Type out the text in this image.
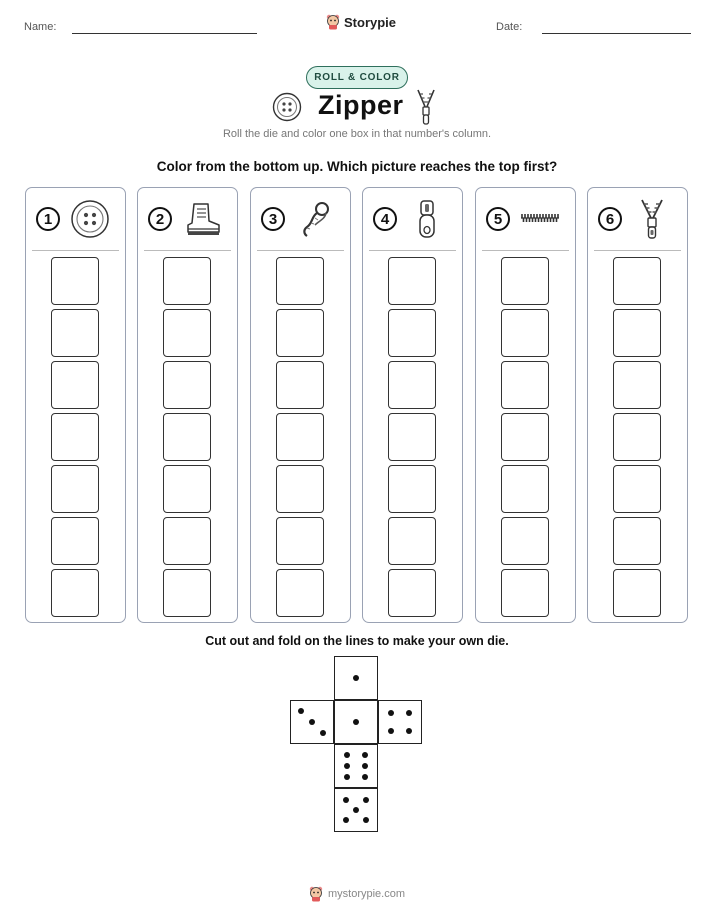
Name:	Storypie	Date:
ROLL & COLOR
Zipper
Roll the die and color one box in that number's column.
Color from the bottom up. Which picture reaches the top first?
1	2	3	4	5	6
Cut out and fold on the lines to make your own die.
mystorypie.com
